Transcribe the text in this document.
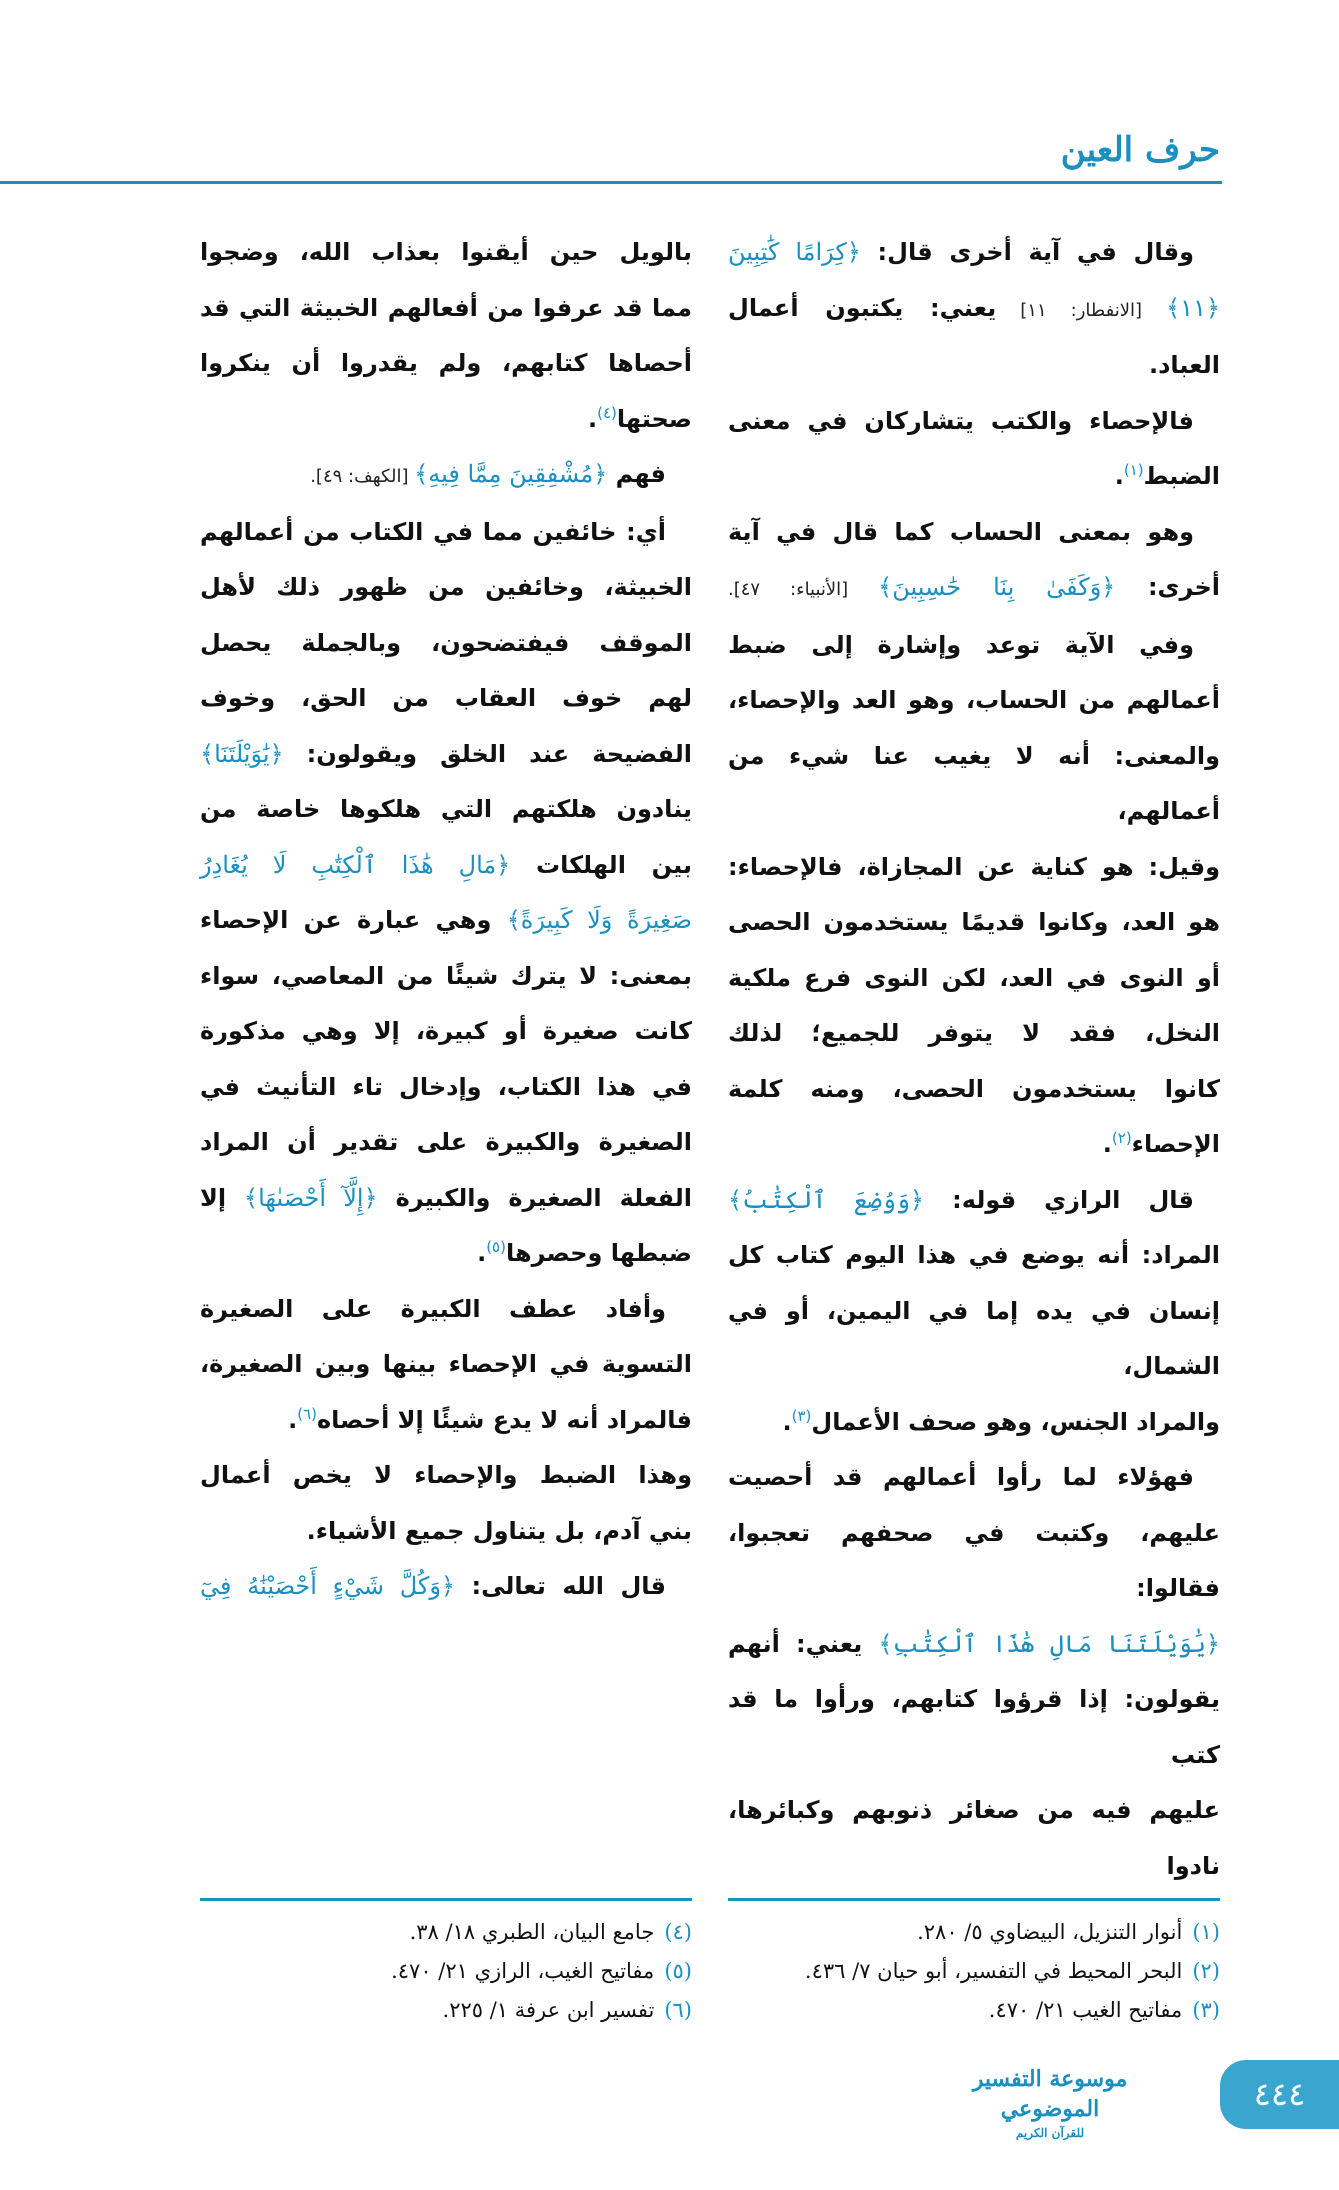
حرف العين
وقال في آية أخرى قال: ﴿كِرَامًا كَٰتِبِينَ
﴿١١﴾ [الانفطار: ١١] يعني: يكتبون أعمال
العباد.
فالإحصاء والكتب يتشاركان في معنى
الضبط$^{(١)}$.
وهو بمعنى الحساب كما قال في آية
أخرى: ﴿وَكَفَىٰ بِنَا حَٰسِبِينَ﴾ [الأنبياء: ٤٧].
وفي الآية توعد وإشارة إلى ضبط
أعمالهم من الحساب، وهو العد والإحصاء،
والمعنى: أنه لا يغيب عنا شيء من أعمالهم،
وقيل: هو كناية عن المجازاة، فالإحصاء:
هو العد، وكانوا قديمًا يستخدمون الحصى
أو النوى في العد، لكن النوى فرع ملكية
النخل، فقد لا يتوفر للجميع؛ لذلك
كانوا يستخدمون الحصى، ومنه كلمة
الإحصاء$^{(٢)}$.
قال الرازي قوله: ﴿وَوُضِعَ ٱلْكِتَٰبُ﴾
المراد: أنه يوضع في هذا اليوم كتاب كل
إنسان في يده إما في اليمين، أو في الشمال،
والمراد الجنس، وهو صحف الأعمال$^{(٣)}$.
فهؤلاء لما رأوا أعمالهم قد أحصيت
عليهم، وكتبت في صحفهم تعجبوا، فقالوا:
﴿يَٰوَيْلَتَنَا مَالِ هَٰذَا ٱلْكِتَٰبِ﴾ يعني: أنهم
يقولون: إذا قرؤوا كتابهم، ورأوا ما قد كتب
عليهم فيه من صغائر ذنوبهم وكبائرها، نادوا
بالويل حين أيقنوا بعذاب الله، وضجوا
مما قد عرفوا من أفعالهم الخبيثة التي قد
أحصاها كتابهم، ولم يقدروا أن ينكروا
صحتها$^{(٤)}$.
فهم ﴿مُشْفِقِينَ مِمَّا فِيهِ﴾ [الكهف: ٤٩].
أي: خائفين مما في الكتاب من أعمالهم
الخبيثة، وخائفين من ظهور ذلك لأهل
الموقف فيفتضحون، وبالجملة يحصل
لهم خوف العقاب من الحق، وخوف
الفضيحة عند الخلق ويقولون: ﴿يَٰوَيْلَتَنَا﴾
ينادون هلكتهم التي هلكوها خاصة من
بين الهلكات ﴿مَالِ هَٰذَا ٱلْكِتَٰبِ لَا يُغَادِرُ
صَغِيرَةً وَلَا كَبِيرَةً﴾ وهي عبارة عن الإحصاء
بمعنى: لا يترك شيئًا من المعاصي، سواء
كانت صغيرة أو كبيرة، إلا وهي مذكورة
في هذا الكتاب، وإدخال تاء التأنيث في
الصغيرة والكبيرة على تقدير أن المراد
الفعلة الصغيرة والكبيرة ﴿إِلَّآ أَحْصَىٰهَا﴾ إلا
ضبطها وحصرها$^{(٥)}$.
وأفاد عطف الكبيرة على الصغيرة
التسوية في الإحصاء بينها وبين الصغيرة،
فالمراد أنه لا يدع شيئًا إلا أحصاه$^{(٦)}$.
وهذا الضبط والإحصاء لا يخص أعمال
بني آدم، بل يتناول جميع الأشياء.
قال الله تعالى: ﴿وَكُلَّ شَيْءٍ أَحْصَيْنَٰهُ فِيٓ
(١)أنوار التنزيل، البيضاوي ٥/ ٢٨٠.
(٢)البحر المحيط في التفسير، أبو حيان ٧/ ٤٣٦.
(٣)مفاتيح الغيب ٢١/ ٤٧٠.
(٤)جامع البيان، الطبري ١٨/ ٣٨.
(٥)مفاتيح الغيب، الرازي ٢١/ ٤٧٠.
(٦)تفسير ابن عرفة ١/ ٢٢٥.
موسوعة التفسير الموضوعي
للقرآن الكريم
٤٤٤
